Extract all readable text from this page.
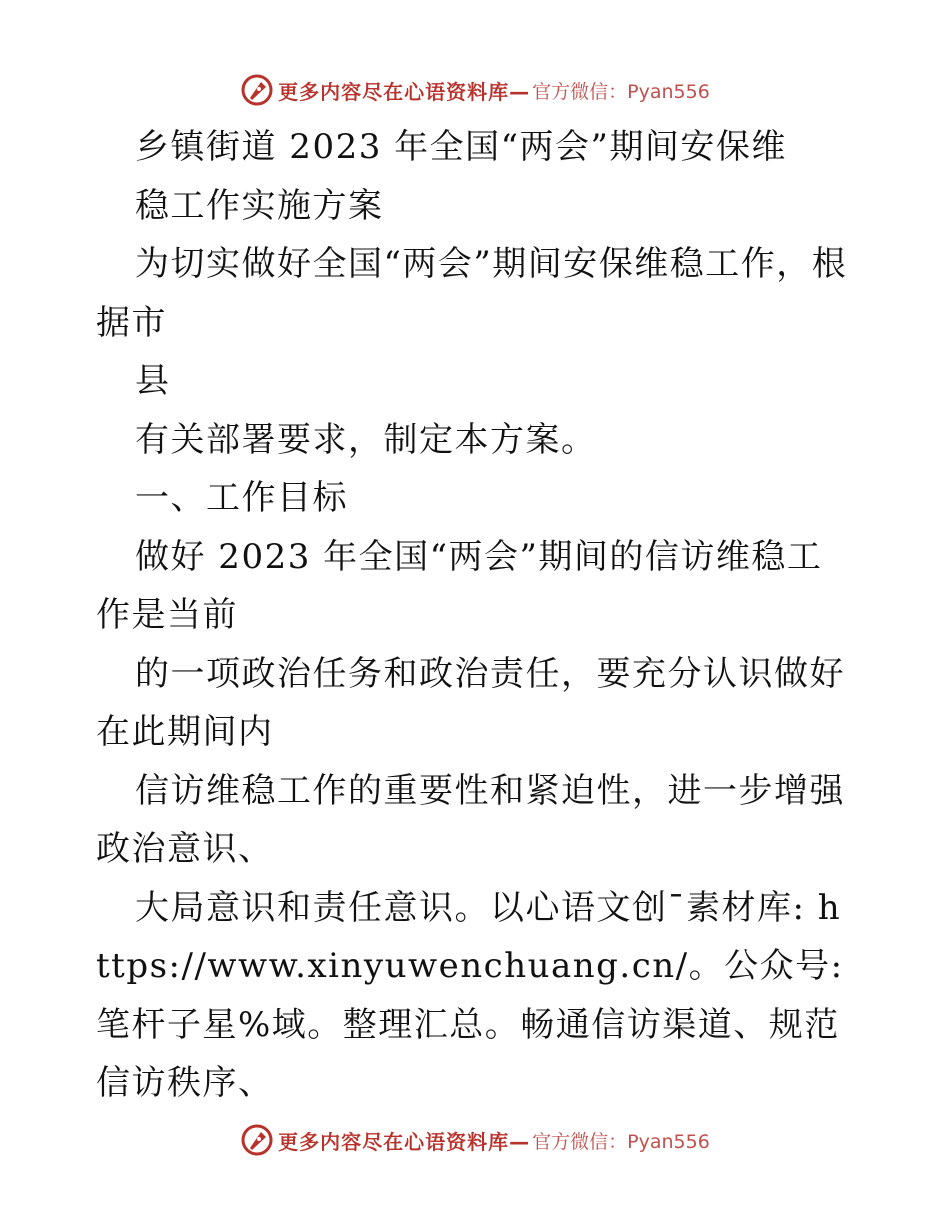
更多内容尽在心语资料库— 官方微信：Pyan556

乡镇街道 2023 年全国“两会”期间安保维

稳工作实施方案

为切实做好全国“两会”期间安保维稳工作，根据市

县

有关部署要求，制定本方案。

一、工作目标

做好 2023 年全国“两会”期间的信访维稳工作是当前

的一项政治任务和政治责任，要充分认识做好在此期间内

信访维稳工作的重要性和紧迫性，进一步增强政治意识、

大局意识和责任意识。以心语文创¯素材库: https://www.xinyuwenchuang.cn/。公众号: 笔杆子星%域。整理汇总。畅通信访渠道、规范信访秩序、

更多内容尽在心语资料库— 官方微信：Pyan556
